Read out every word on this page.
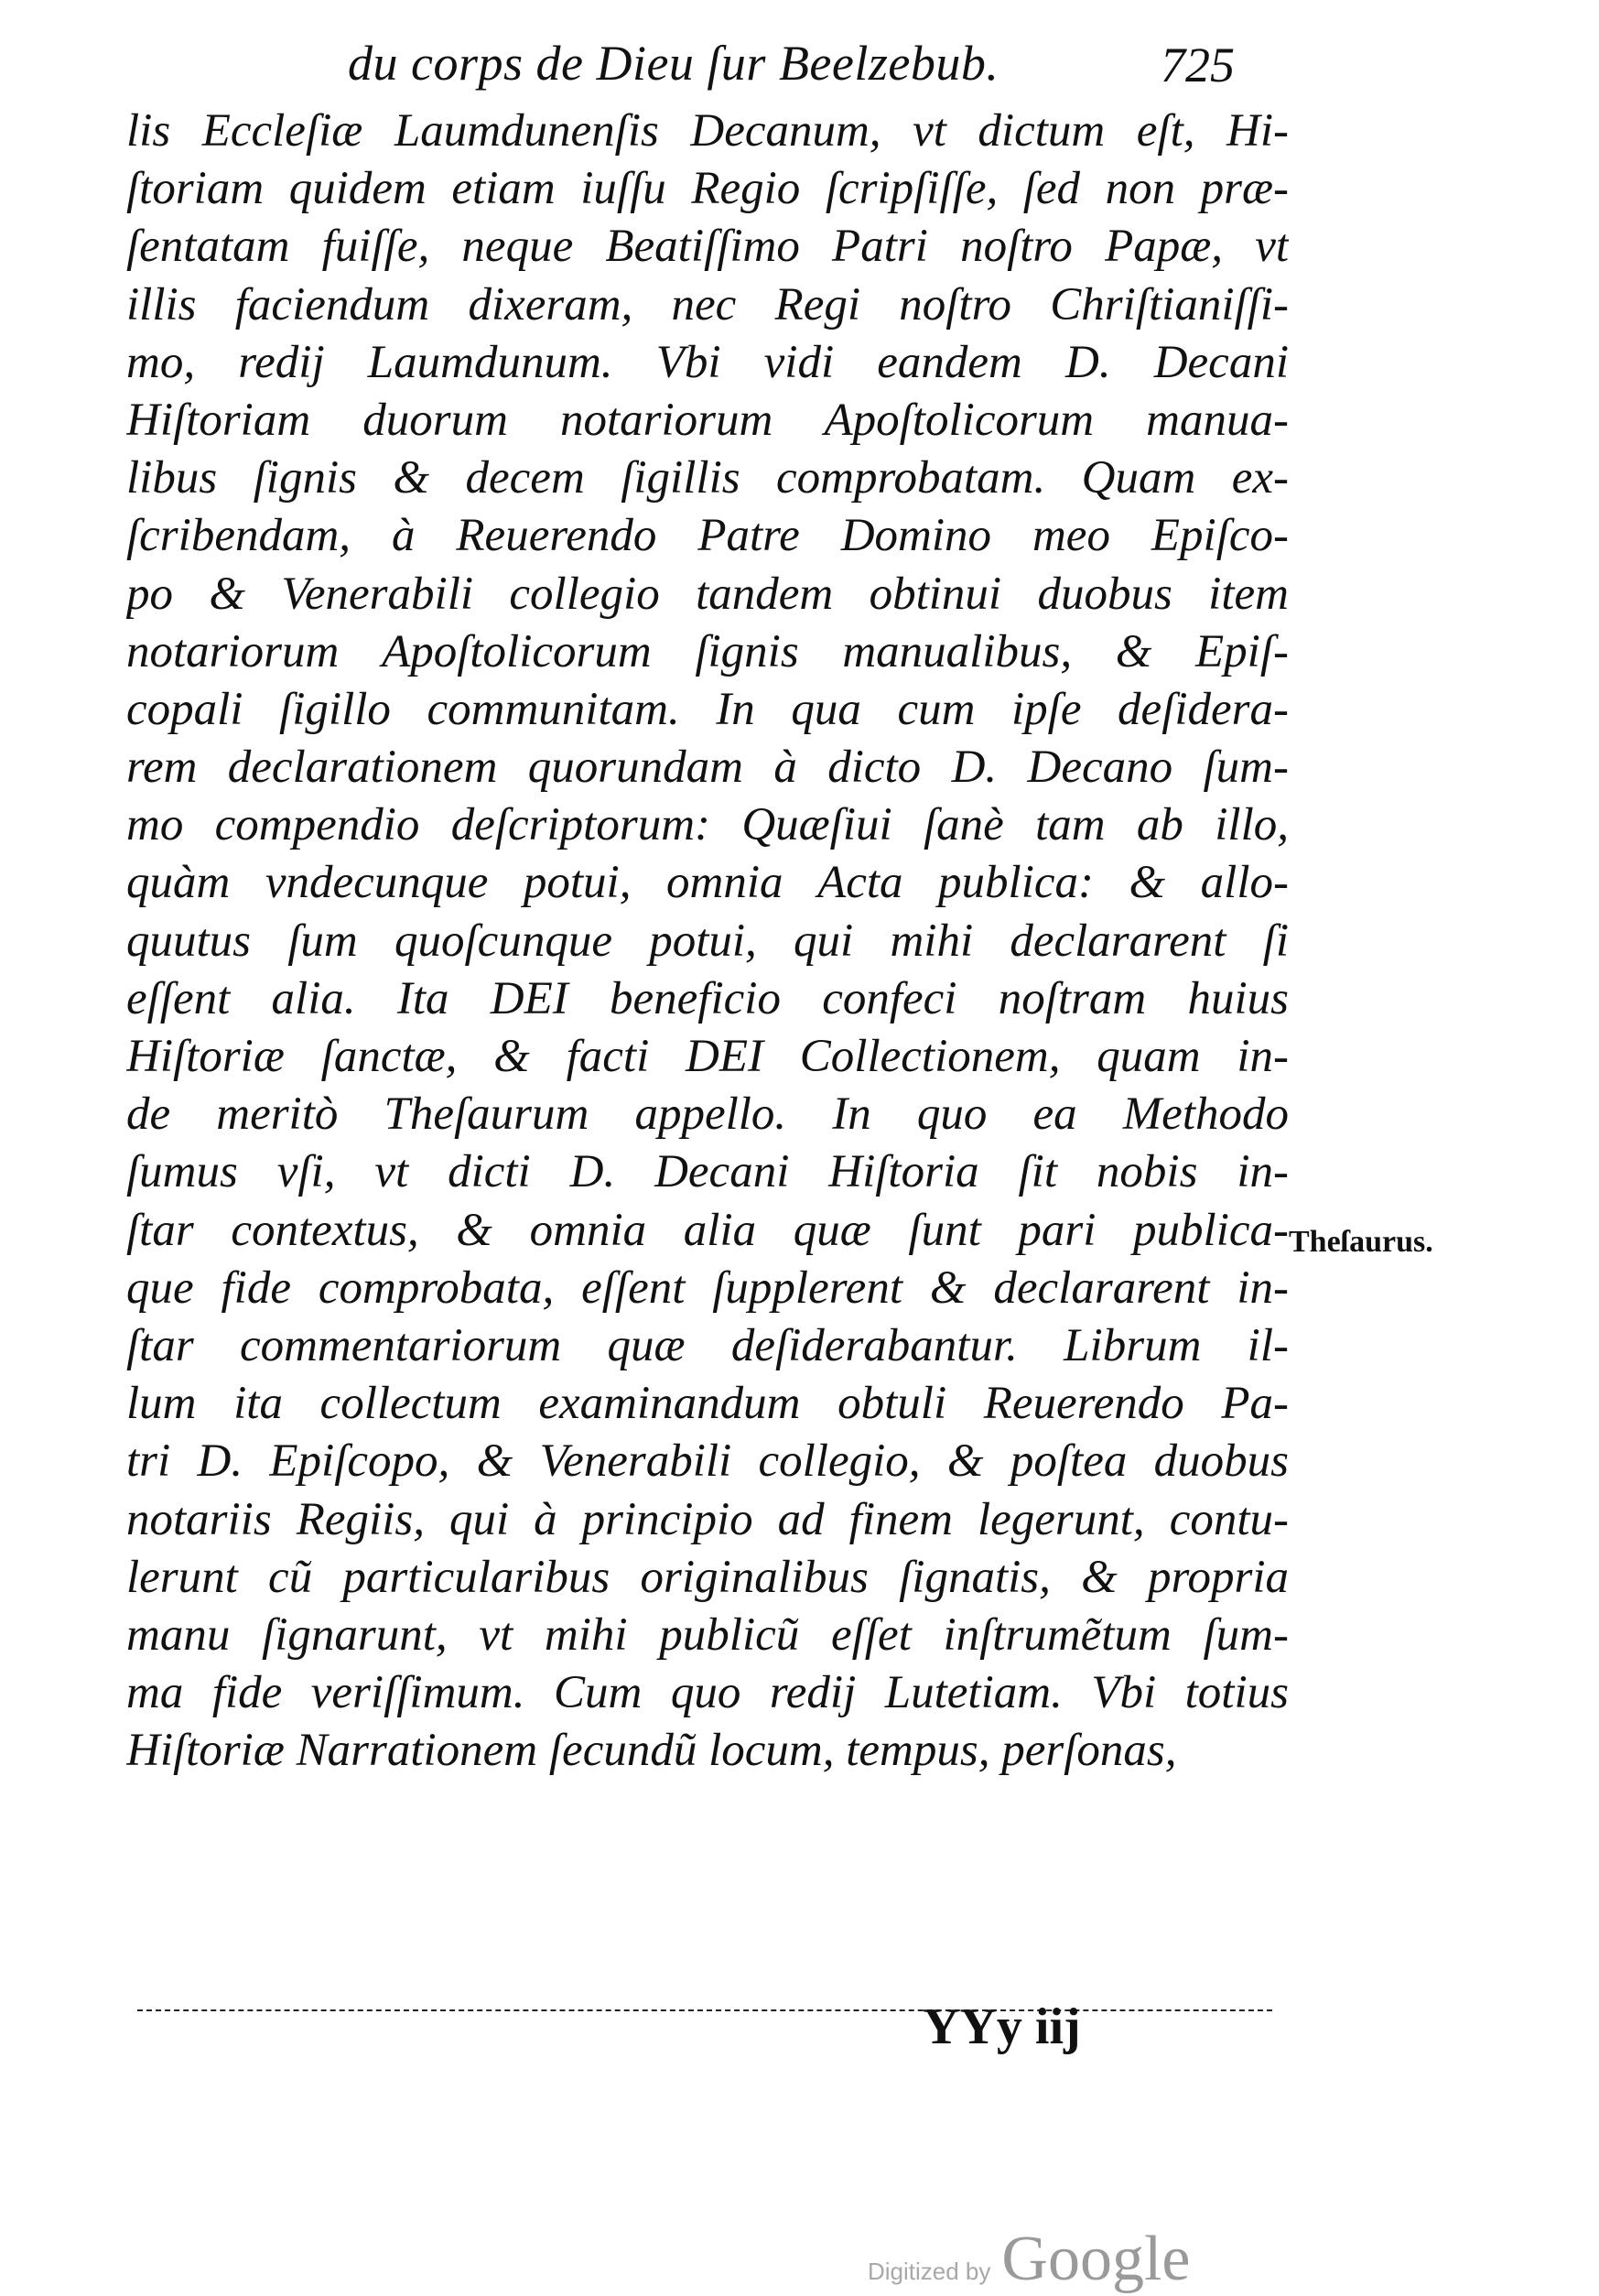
du corps de Dieu ſur Beelzebub.	725
lis Eccleſiæ Laumdunenſis Decanum, vt dictum eſt, Hi-
ſtoriam quidem etiam iuſſu Regio ſcripſiſſe, ſed non præ-
ſentatam fuiſſe, neque Beatiſſimo Patri noſtro Papæ, vt
illis faciendum dixeram, nec Regi noſtro Chriſtianiſſi-
mo, redij Laumdunum. Vbi vidi eandem D. Decani
Hiſtoriam duorum notariorum Apoſtolicorum manua-
libus ſignis & decem ſigillis comprobatam. Quam ex-
ſcribendam, à Reuerendo Patre Domino meo Epiſco-
po & Venerabili collegio tandem obtinui duobus item
notariorum Apoſtolicorum ſignis manualibus, & Epiſ-
copali ſigillo communitam. In qua cum ipſe deſidera-
rem declarationem quorundam à dicto D. Decano ſum-
mo compendio deſcriptorum: Quæſiui ſanè tam ab illo,
quàm vndecunque potui, omnia Acta publica: & allo-
quutus ſum quoſcunque potui, qui mihi declararent ſi
eſſent alia. Ita DEI beneficio confeci noſtram huius
Hiſtoriæ ſanctæ, & facti DEI Collectionem, quam in-
de meritò Theſaurum appello. In quo ea Methodo
ſumus vſi, vt dicti D. Decani Hiſtoria ſit nobis in-
ſtar contextus, & omnia alia quæ ſunt pari publica-
que fide comprobata, eſſent ſupplerent & declararent in-
ſtar commentariorum quæ deſiderabantur. Librum il-
lum ita collectum examinandum obtuli Reuerendo Pa-
tri D. Epiſcopo, & Venerabili collegio, & poſtea duobus
notariis Regiis, qui à principio ad finem legerunt, contu-
lerunt cũ particularibus originalibus ſignatis, & propria
manu ſignarunt, vt mihi publicũ eſſet inſtrumẽtum ſum-
ma fide veriſſimum. Cum quo redij Lutetiam. Vbi totius
Hiſtoriæ Narrationem ſecundũ locum, tempus, perſonas,
Theſaurus.
YYy iij
Digitized by Google
